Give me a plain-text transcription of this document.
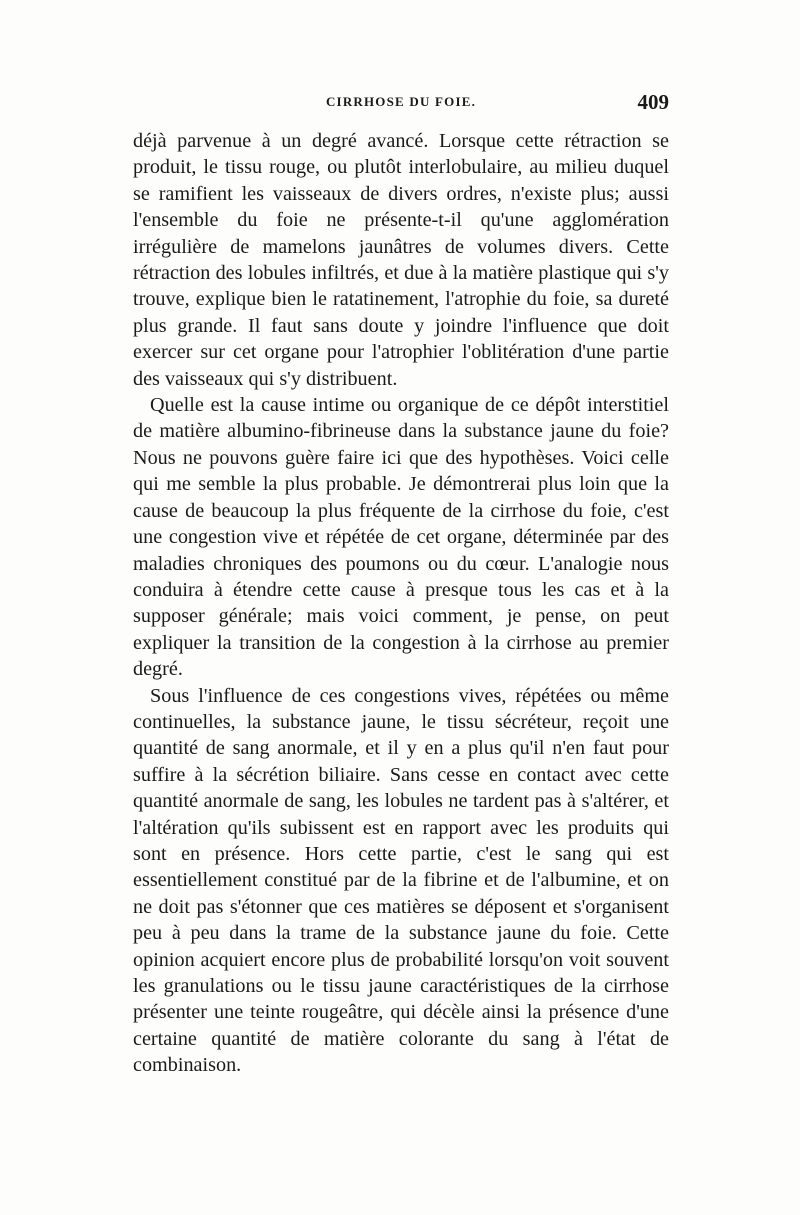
CIRRHOSE DU FOIE.	409

déjà parvenue à un degré avancé. Lorsque cette rétraction se produit, le tissu rouge, ou plutôt interlobulaire, au milieu duquel se ramifient les vaisseaux de divers ordres, n'existe plus; aussi l'ensemble du foie ne présente-t-il qu'une agglomération irrégulière de mamelons jaunâtres de volumes divers. Cette rétraction des lobules infiltrés, et due à la matière plastique qui s'y trouve, explique bien le ratatinement, l'atrophie du foie, sa dureté plus grande. Il faut sans doute y joindre l'influence que doit exercer sur cet organe pour l'atrophier l'oblitération d'une partie des vaisseaux qui s'y distribuent.

Quelle est la cause intime ou organique de ce dépôt interstitiel de matière albumino-fibrineuse dans la substance jaune du foie? Nous ne pouvons guère faire ici que des hypothèses. Voici celle qui me semble la plus probable. Je démontrerai plus loin que la cause de beaucoup la plus fréquente de la cirrhose du foie, c'est une congestion vive et répétée de cet organe, déterminée par des maladies chroniques des poumons ou du cœur. L'analogie nous conduira à étendre cette cause à presque tous les cas et à la supposer générale; mais voici comment, je pense, on peut expliquer la transition de la congestion à la cirrhose au premier degré.

Sous l'influence de ces congestions vives, répétées ou même continuelles, la substance jaune, le tissu sécréteur, reçoit une quantité de sang anormale, et il y en a plus qu'il n'en faut pour suffire à la sécrétion biliaire. Sans cesse en contact avec cette quantité anormale de sang, les lobules ne tardent pas à s'altérer, et l'altération qu'ils subissent est en rapport avec les produits qui sont en présence. Hors cette partie, c'est le sang qui est essentiellement constitué par de la fibrine et de l'albumine, et on ne doit pas s'étonner que ces matières se déposent et s'organisent peu à peu dans la trame de la substance jaune du foie. Cette opinion acquiert encore plus de probabilité lorsqu'on voit souvent les granulations ou le tissu jaune caractéristiques de la cirrhose présenter une teinte rougeâtre, qui décèle ainsi la présence d'une certaine quantité de matière colorante du sang à l'état de combinaison.
